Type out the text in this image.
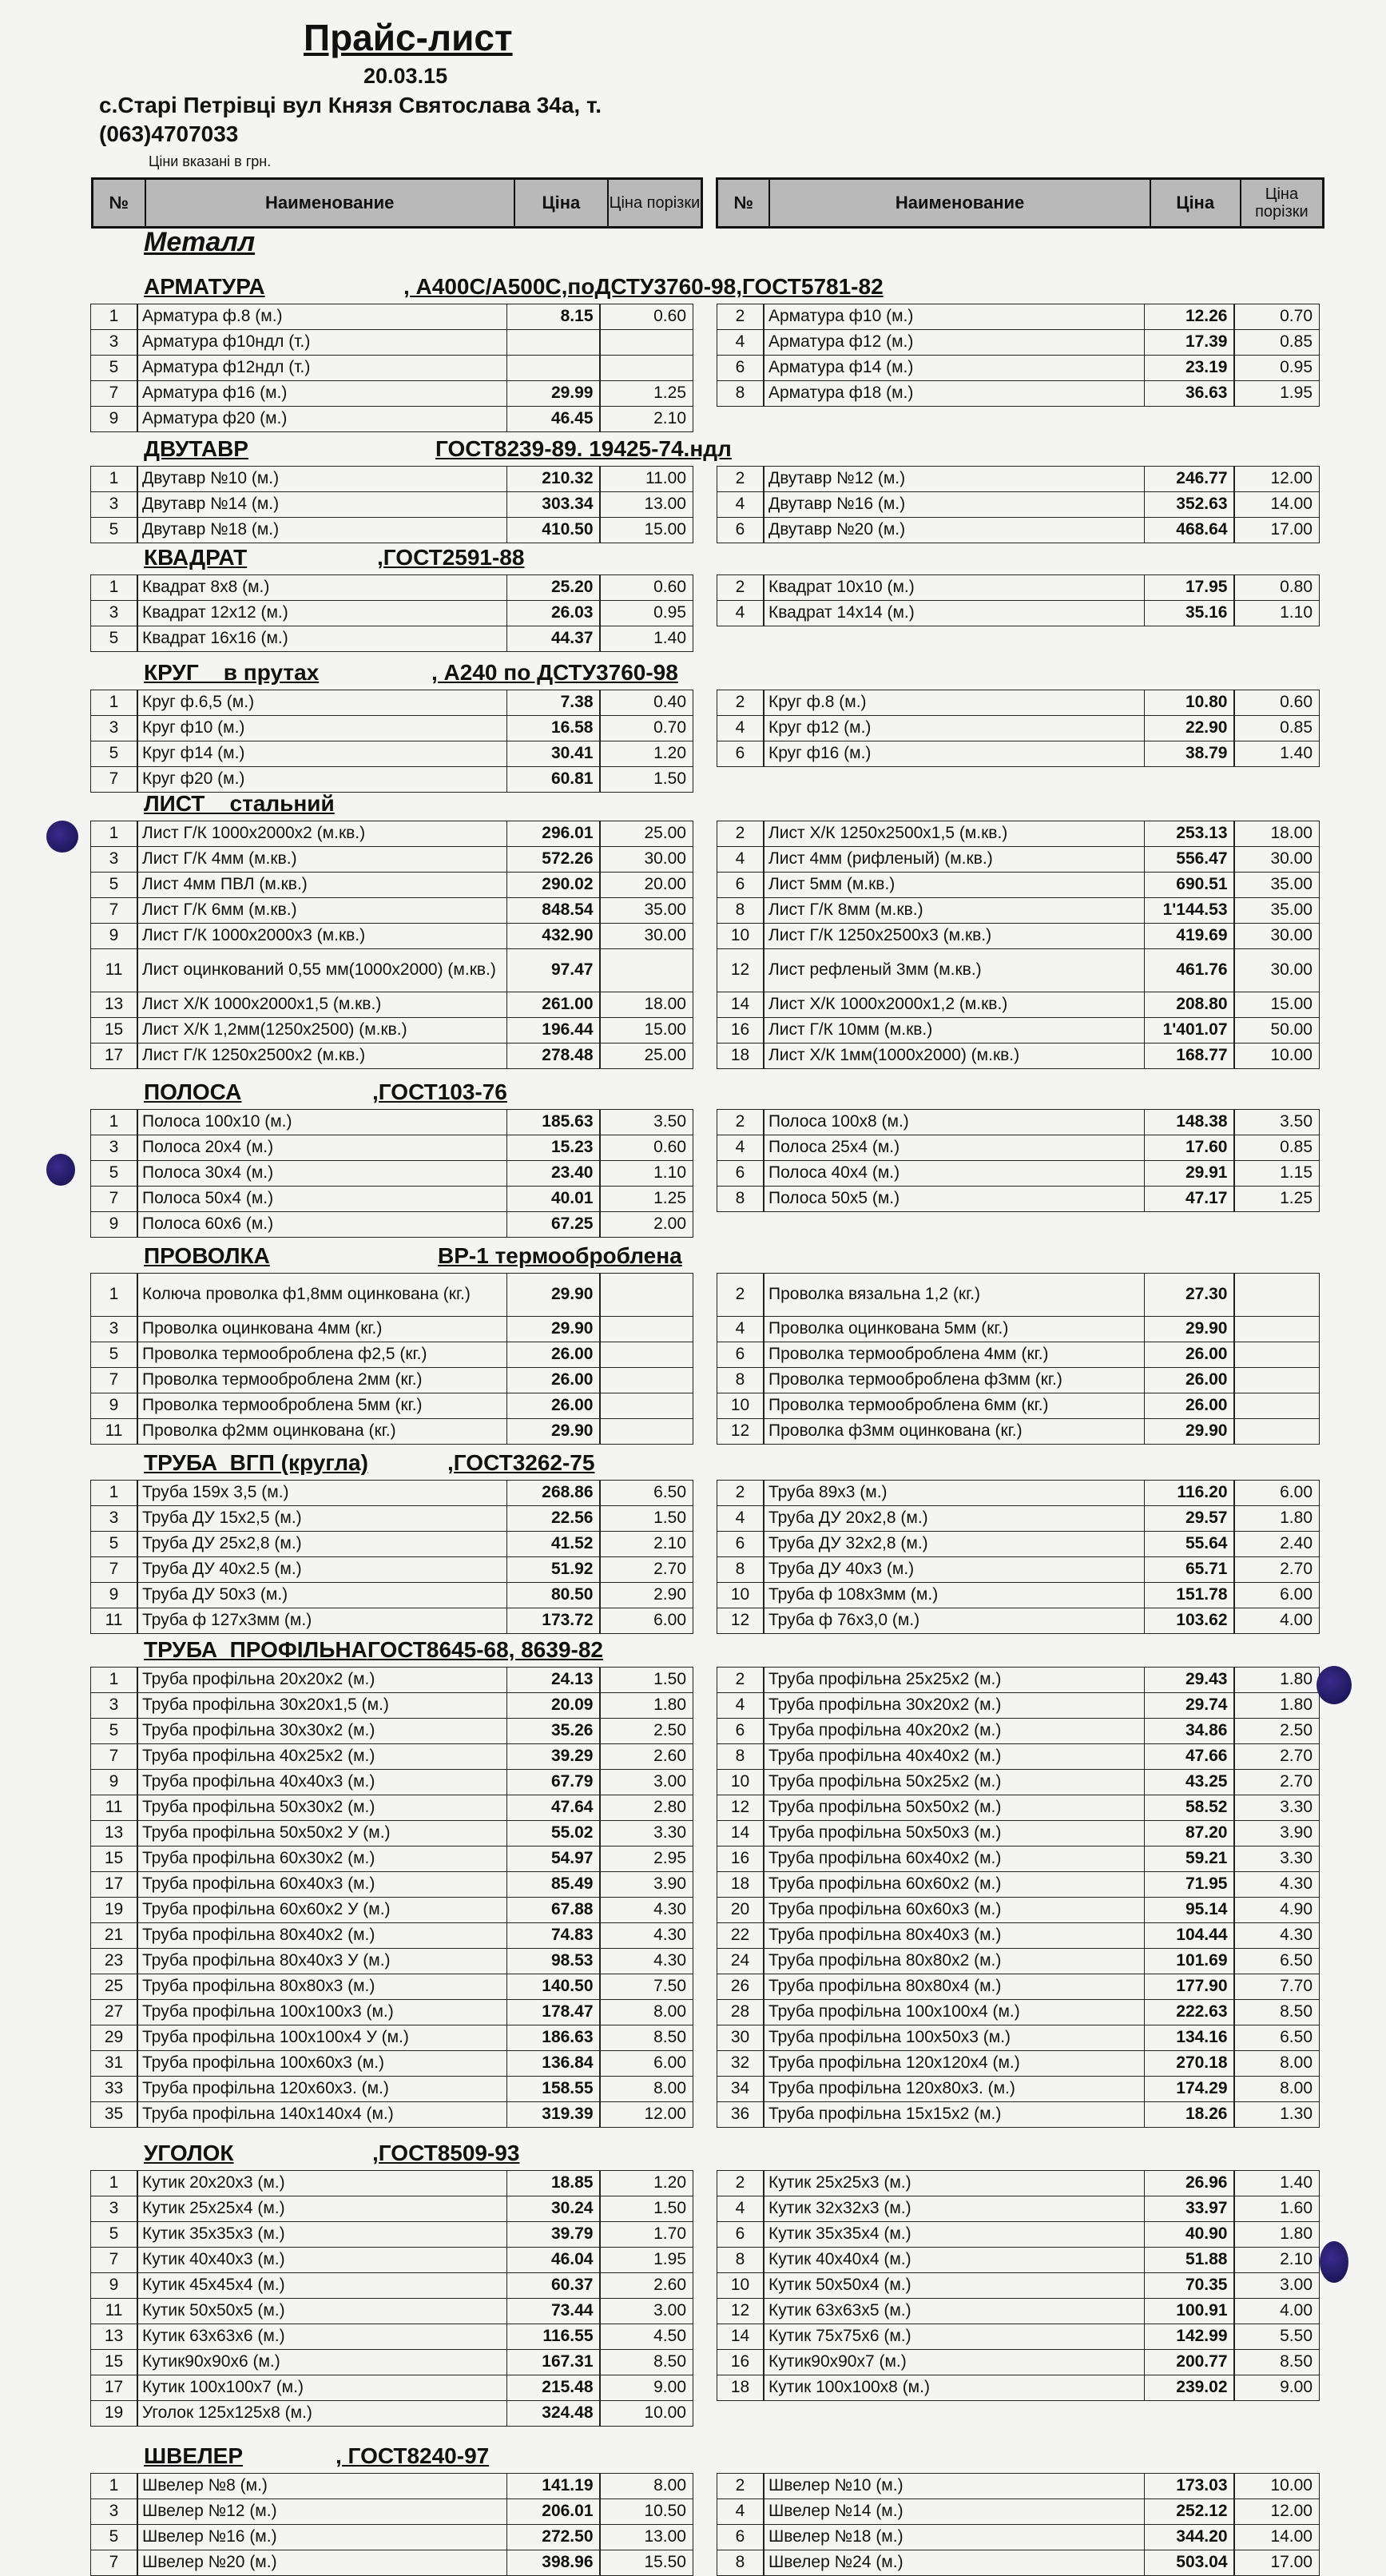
Прайс-лист
20.03.15
с.Старі Петрівці вул Князя Святослава 34а, т.
(063)4707033
Ціни вказані в грн.
№	Наименование	Ціна	Ціна порізки	№	Наименование	Ціна	Ціна порізки
Металл
АРМАТУРА	, А400С/А500С,поДСТУ3760-98,ГОСТ5781-82
1	Арматура ф.8 (м.)	8.15	0.60
3	Арматура ф10ндл (т.)
5	Арматура ф12ндл (т.)
7	Арматура ф16 (м.)	29.99	1.25
9	Арматура ф20 (м.)	46.45	2.10
2	Арматура ф10 (м.)	12.26	0.70
4	Арматура ф12 (м.)	17.39	0.85
6	Арматура ф14 (м.)	23.19	0.95
8	Арматура ф18 (м.)	36.63	1.95
ДВУТАВР	ГОСТ8239-89. 19425-74.ндл
1	Двутавр №10 (м.)	210.32	11.00
3	Двутавр №14 (м.)	303.34	13.00
5	Двутавр №18 (м.)	410.50	15.00
2	Двутавр №12 (м.)	246.77	12.00
4	Двутавр №16 (м.)	352.63	14.00
6	Двутавр №20 (м.)	468.64	17.00
КВАДРАТ	,ГОСТ2591-88
1	Квадрат 8х8 (м.)	25.20	0.60
3	Квадрат 12х12 (м.)	26.03	0.95
5	Квадрат 16х16 (м.)	44.37	1.40
2	Квадрат 10х10 (м.)	17.95	0.80
4	Квадрат 14х14 (м.)	35.16	1.10
КРУГ    в прутах	, А240 по ДСТУ3760-98
1	Круг ф.6,5 (м.)	7.38	0.40
3	Круг ф10 (м.)	16.58	0.70
5	Круг ф14 (м.)	30.41	1.20
7	Круг ф20 (м.)	60.81	1.50
2	Круг ф.8 (м.)	10.80	0.60
4	Круг ф12 (м.)	22.90	0.85
6	Круг ф16 (м.)	38.79	1.40
ЛИСТ    стальний
1	Лист Г/К 1000х2000х2 (м.кв.)	296.01	25.00
3	Лист Г/К 4мм (м.кв.)	572.26	30.00
5	Лист 4мм ПВЛ (м.кв.)	290.02	20.00
7	Лист Г/К 6мм (м.кв.)	848.54	35.00
9	Лист Г/К 1000х2000х3 (м.кв.)	432.90	30.00
11	Лист оцинкований 0,55 мм(1000х2000) (м.кв.)	97.47
13	Лист Х/К 1000х2000х1,5 (м.кв.)	261.00	18.00
15	Лист Х/К 1,2мм(1250х2500) (м.кв.)	196.44	15.00
17	Лист Г/К 1250х2500х2 (м.кв.)	278.48	25.00
2	Лист Х/К 1250х2500х1,5 (м.кв.)	253.13	18.00
4	Лист 4мм (рифленый) (м.кв.)	556.47	30.00
6	Лист 5мм (м.кв.)	690.51	35.00
8	Лист Г/К 8мм (м.кв.)	1'144.53	35.00
10	Лист Г/К 1250х2500х3 (м.кв.)	419.69	30.00
12	Лист рефленый 3мм (м.кв.)	461.76	30.00
14	Лист Х/К 1000х2000х1,2 (м.кв.)	208.80	15.00
16	Лист Г/К 10мм (м.кв.)	1'401.07	50.00
18	Лист Х/К 1мм(1000х2000) (м.кв.)	168.77	10.00
ПОЛОСА	,ГОСТ103-76
1	Полоса 100х10 (м.)	185.63	3.50
3	Полоса 20х4 (м.)	15.23	0.60
5	Полоса 30х4 (м.)	23.40	1.10
7	Полоса 50х4 (м.)	40.01	1.25
9	Полоса 60х6 (м.)	67.25	2.00
2	Полоса 100х8 (м.)	148.38	3.50
4	Полоса 25х4 (м.)	17.60	0.85
6	Полоса 40х4 (м.)	29.91	1.15
8	Полоса 50х5 (м.)	47.17	1.25
ПРОВОЛКА	ВР-1 термооброблена
1	Колюча проволка ф1,8мм оцинкована (кг.)	29.90
3	Проволка оцинкована 4мм (кг.)	29.90
5	Проволка термооброблена ф2,5 (кг.)	26.00
7	Проволка термооброблена 2мм (кг.)	26.00
9	Проволка термооброблена 5мм (кг.)	26.00
11	Проволка ф2мм оцинкована (кг.)	29.90
2	Проволка вязальна 1,2 (кг.)	27.30
4	Проволка оцинкована 5мм (кг.)	29.90
6	Проволка термооброблена 4мм (кг.)	26.00
8	Проволка термооброблена ф3мм (кг.)	26.00
10	Проволка термооброблена 6мм (кг.)	26.00
12	Проволка ф3мм оцинкована (кг.)	29.90
ТРУБА  ВГП (кругла)	,ГОСТ3262-75
1	Труба 159х 3,5 (м.)	268.86	6.50
3	Труба ДУ 15х2,5 (м.)	22.56	1.50
5	Труба ДУ 25х2,8 (м.)	41.52	2.10
7	Труба ДУ 40х2.5 (м.)	51.92	2.70
9	Труба ДУ 50х3 (м.)	80.50	2.90
11	Труба ф 127х3мм (м.)	173.72	6.00
2	Труба 89х3 (м.)	116.20	6.00
4	Труба ДУ 20х2,8 (м.)	29.57	1.80
6	Труба ДУ 32х2,8 (м.)	55.64	2.40
8	Труба ДУ 40х3 (м.)	65.71	2.70
10	Труба ф 108х3мм (м.)	151.78	6.00
12	Труба ф 76х3,0 (м.)	103.62	4.00
ТРУБА  ПРОФІЛЬНА ГОСТ8645-68, 8639-82
1	Труба профільна 20х20х2 (м.)	24.13	1.50
3	Труба профільна 30х20х1,5 (м.)	20.09	1.80
5	Труба профільна 30х30х2 (м.)	35.26	2.50
7	Труба профільна 40х25х2 (м.)	39.29	2.60
9	Труба профільна 40х40х3 (м.)	67.79	3.00
11	Труба профільна 50х30х2 (м.)	47.64	2.80
13	Труба профільна 50х50х2 У (м.)	55.02	3.30
15	Труба профільна 60х30х2 (м.)	54.97	2.95
17	Труба профільна 60х40х3 (м.)	85.49	3.90
19	Труба профільна 60х60х2 У (м.)	67.88	4.30
21	Труба профільна 80х40х2 (м.)	74.83	4.30
23	Труба профільна 80х40х3 У (м.)	98.53	4.30
25	Труба профільна 80х80х3 (м.)	140.50	7.50
27	Труба профільна 100х100х3 (м.)	178.47	8.00
29	Труба профільна 100х100х4 У (м.)	186.63	8.50
31	Труба профільна 100х60х3 (м.)	136.84	6.00
33	Труба профільна 120х60х3. (м.)	158.55	8.00
35	Труба профільна 140х140х4 (м.)	319.39	12.00
2	Труба профільна 25х25х2 (м.)	29.43	1.80
4	Труба профільна 30х20х2 (м.)	29.74	1.80
6	Труба профільна 40х20х2 (м.)	34.86	2.50
8	Труба профільна 40х40х2 (м.)	47.66	2.70
10	Труба профільна 50х25х2 (м.)	43.25	2.70
12	Труба профільна 50х50х2 (м.)	58.52	3.30
14	Труба профільна 50х50х3 (м.)	87.20	3.90
16	Труба профільна 60х40х2 (м.)	59.21	3.30
18	Труба профільна 60х60х2 (м.)	71.95	4.30
20	Труба профільна 60х60х3 (м.)	95.14	4.90
22	Труба профільна 80х40х3 (м.)	104.44	4.30
24	Труба профільна 80х80х2 (м.)	101.69	6.50
26	Труба профільна 80х80х4 (м.)	177.90	7.70
28	Труба профільна 100х100х4 (м.)	222.63	8.50
30	Труба профільна 100х50х3 (м.)	134.16	6.50
32	Труба профільна 120х120х4 (м.)	270.18	8.00
34	Труба профільна 120х80х3. (м.)	174.29	8.00
36	Труба профільна 15х15х2 (м.)	18.26	1.30
УГОЛОК	,ГОСТ8509-93
1	Кутик 20х20х3 (м.)	18.85	1.20
3	Кутик 25х25х4 (м.)	30.24	1.50
5	Кутик 35х35х3 (м.)	39.79	1.70
7	Кутик 40х40х3 (м.)	46.04	1.95
9	Кутик 45х45х4 (м.)	60.37	2.60
11	Кутик 50х50х5 (м.)	73.44	3.00
13	Кутик 63х63х6 (м.)	116.55	4.50
15	Кутик90х90х6 (м.)	167.31	8.50
17	Кутик 100х100х7 (м.)	215.48	9.00
19	Уголок 125х125х8 (м.)	324.48	10.00
2	Кутик 25х25х3 (м.)	26.96	1.40
4	Кутик 32х32х3 (м.)	33.97	1.60
6	Кутик 35х35х4 (м.)	40.90	1.80
8	Кутик 40х40х4 (м.)	51.88	2.10
10	Кутик 50х50х4 (м.)	70.35	3.00
12	Кутик 63х63х5 (м.)	100.91	4.00
14	Кутик 75х75х6 (м.)	142.99	5.50
16	Кутик90х90х7 (м.)	200.77	8.50
18	Кутик 100х100х8 (м.)	239.02	9.00
ШВЕЛЕР	, ГОСТ8240-97
1	Швелер №8 (м.)	141.19	8.00
3	Швелер №12 (м.)	206.01	10.50
5	Швелер №16 (м.)	272.50	13.00
7	Швелер №20 (м.)	398.96	15.50
2	Швелер №10 (м.)	173.03	10.00
4	Швелер №14 (м.)	252.12	12.00
6	Швелер №18 (м.)	344.20	14.00
8	Швелер №24 (м.)	503.04	17.00
